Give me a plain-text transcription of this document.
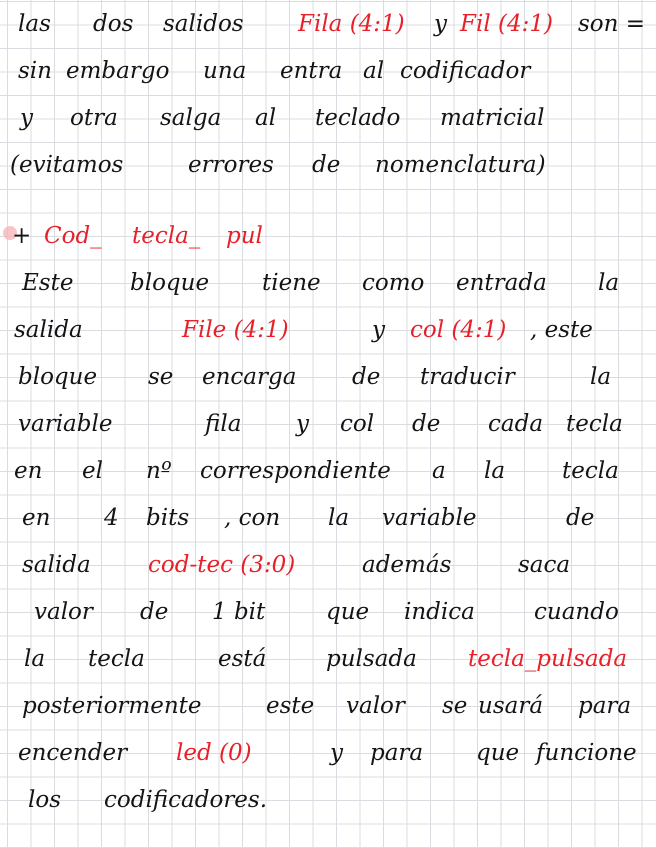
las dos salidos Fila (4:1) y Fil (4:1) son =
sin embargo una entra al codificador
y otra salga al teclado matricial
(evitamos	errores de nomenclatura)
+ Cod_ tecla_ pul
Este bloque tiene como entrada la
salida	File (4:1)	y col (4:1) , este
bloque se encarga de traducir	la
variable	fila y col de cada tecla
en el nº correspondiente a la tecla
en 4 bits , con la variable	de
salida cod-tec (3:0)	además	saca
valor de 1 bit	que indica	cuando
la tecla	está	pulsada tecla_pulsada
posteriormente	este valor se usará para
encender led (0)	y para que funcione
los codificadores.
